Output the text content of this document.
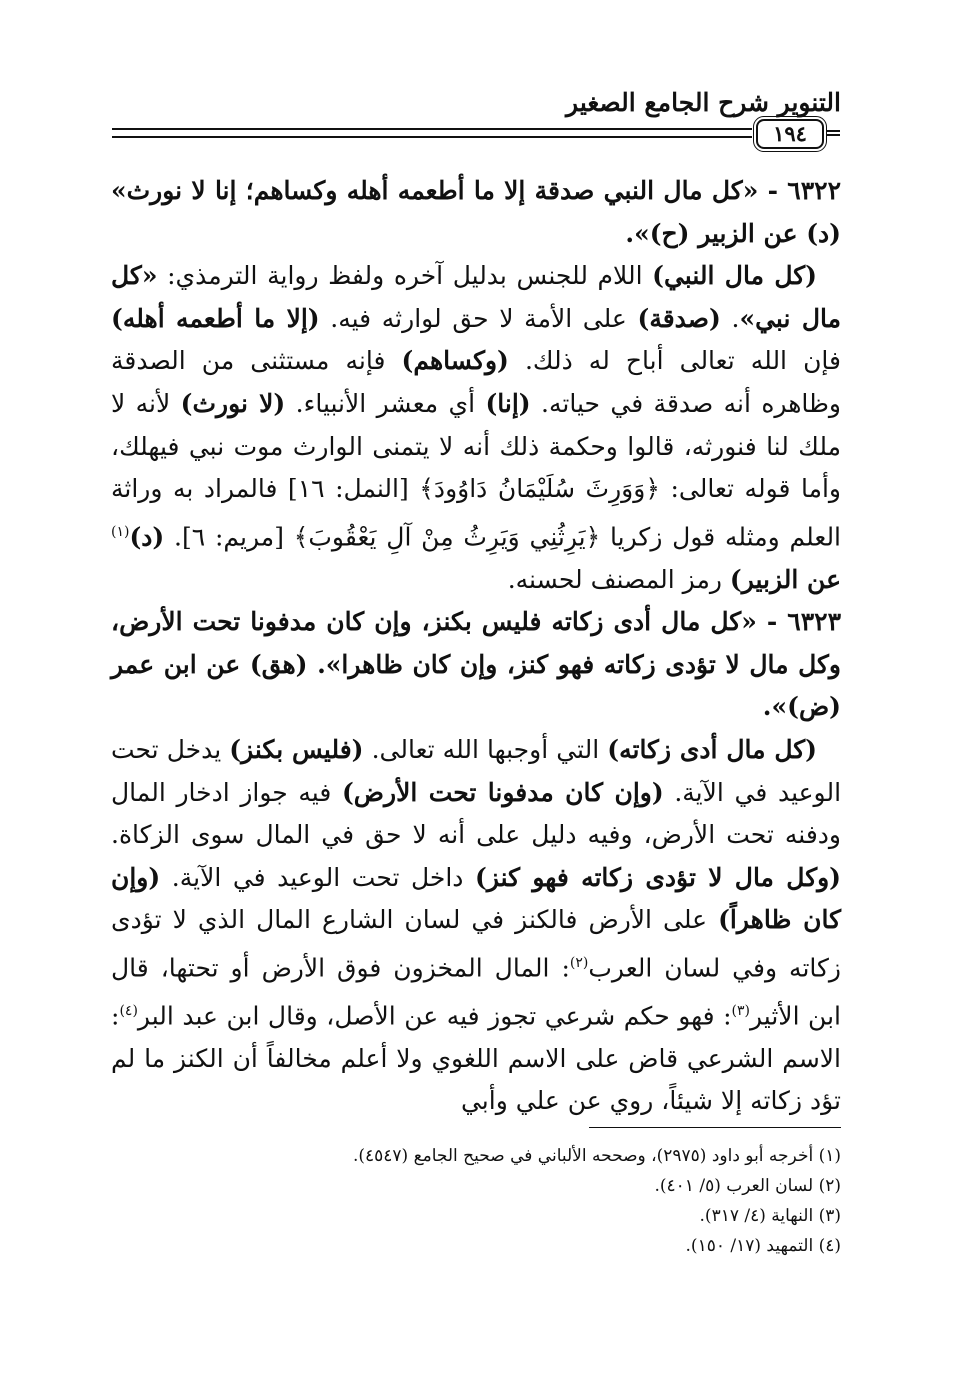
التنوير شرح الجامع الصغير
١٩٤

٦٣٢٢ - «كل مال النبي صدقة إلا ما أطعمه أهله وكساهم؛ إنا لا نورث» (د) عن الزبير (ح)».

(كل مال النبي) اللام للجنس بدليل آخره ولفظ رواية الترمذي: «كل مال نبي». (صدقة) على الأمة لا حق لوارثه فيه. (إلا ما أطعمه أهله) فإن الله تعالى أباح له ذلك. (وكساهم) فإنه مستثنى من الصدقة وظاهره أنه صدقة في حياته. (إنا) أي معشر الأنبياء. (لا نورث) لأنه لا ملك لنا فنورثه، قالوا وحكمة ذلك أنه لا يتمنى الوارث موت نبي فيهلك، وأما قوله تعالى: ﴿وَوَرِثَ سُلَيْمَانُ دَاوُودَ﴾ [النمل: ١٦] فالمراد به وراثة العلم ومثله قول زكريا ﴿يَرِثُنِي وَيَرِثُ مِنْ آلِ يَعْقُوبَ﴾ [مريم: ٦]. (د)$^{(١)}$ عن الزبير) رمز المصنف لحسنه.

٦٣٢٣ - «كل مال أدى زكاته فليس بكنز، وإن كان مدفونا تحت الأرض، وكل مال لا تؤدى زكاته فهو كنز، وإن كان ظاهرا». (هق) عن ابن عمر (ض)».

(كل مال أدى زكاته) التي أوجبها الله تعالى. (فليس بكنز) يدخل تحت الوعيد في الآية. (وإن كان مدفونا تحت الأرض) فيه جواز ادخار المال ودفنه تحت الأرض، وفيه دليل على أنه لا حق في المال سوى الزكاة. (وكل مال لا تؤدى زكاته فهو كنز) داخل تحت الوعيد في الآية. (وإن كان ظاهراً) على الأرض فالكنز في لسان الشارع المال الذي لا تؤدى زكاته وفي لسان العرب$^{(٢)}$: المال المخزون فوق الأرض أو تحتها، قال ابن الأثير$^{(٣)}$: فهو حكم شرعي تجوز فيه عن الأصل، وقال ابن عبد البر$^{(٤)}$: الاسم الشرعي قاض على الاسم اللغوي ولا أعلم مخالفاً أن الكنز ما لم تؤد زكاته إلا شيئاً، روي عن علي وأبي

(١) أخرجه أبو داود (٢٩٧٥)، وصححه الألباني في صحيح الجامع (٤٥٤٧).
(٢) لسان العرب (٥/ ٤٠١).
(٣) النهاية (٤/ ٣١٧).
(٤) التمهيد (١٧/ ١٥٠).
